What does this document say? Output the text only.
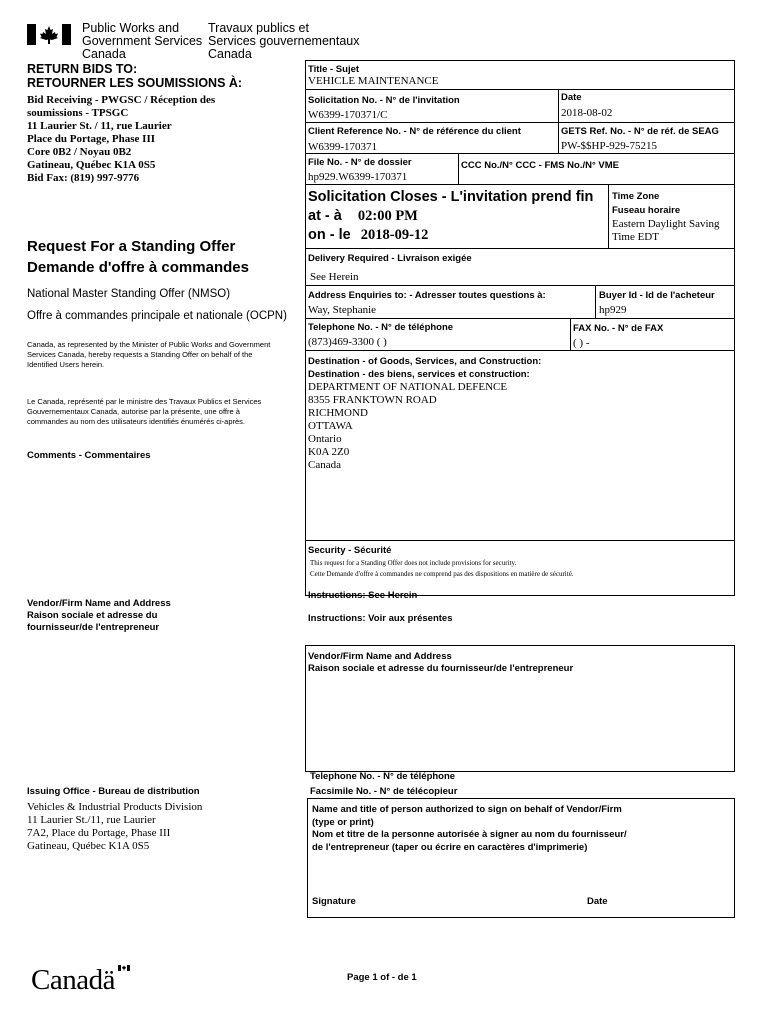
Public Works and
Government Services
Canada
Travaux publics et
Services gouvernementaux
Canada
RETURN BIDS TO:
RETOURNER LES SOUMISSIONS À:
Bid Receiving - PWGSC / Réception des
soumissions - TPSGC
11 Laurier St. / 11, rue Laurier
Place du Portage, Phase III
Core 0B2 / Noyau 0B2
Gatineau, Québec K1A 0S5
Bid Fax: (819) 997-9776
Request For a Standing Offer
Demande d'offre à commandes
National Master Standing Offer (NMSO)
Offre à commandes principale et nationale (OCPN)
Canada, as represented by the Minister of Public Works and Government Services Canada, hereby requests a Standing Offer on behalf of the Identified Users herein.
Le Canada, représenté par le ministre des Travaux Publics et Services Gouvernementaux Canada, autorise par la présente, une offre à commandes au nom des utilisateurs identifiés énumérés ci-après.
Comments - Commentaires
Vendor/Firm Name and Address
Raison sociale et adresse du
fournisseur/de l'entrepreneur
Issuing Office - Bureau de distribution
Vehicles & Industrial Products Division
11 Laurier St./11, rue Laurier
7A2, Place du Portage, Phase III
Gatineau, Québec K1A 0S5
Title - Sujet
VEHICLE MAINTENANCE
Solicitation No. - N° de l'invitation
W6399-170371/C
Date
2018-08-02
Client Reference No. - N° de référence du client
W6399-170371
GETS Ref. No. - N° de réf. de SEAG
PW-$$HP-929-75215
File No. - N° de dossier
hp929.W6399-170371
CCC No./N° CCC - FMS No./N° VME
Solicitation Closes - L'invitation prend fin
at - à 02:00 PM
on - le 2018-09-12
Time Zone
Fuseau horaire
Eastern Daylight Saving
Time EDT
Delivery Required - Livraison exigée
See Herein
Address Enquiries to: - Adresser toutes questions à:
Way, Stephanie
Buyer Id - Id de l'acheteur
hp929
Telephone No. - N° de téléphone
(873)469-3300 ( )
FAX No. - N° de FAX
( ) -
Destination - of Goods, Services, and Construction:
Destination - des biens, services et construction:
DEPARTMENT OF NATIONAL DEFENCE
8355 FRANKTOWN ROAD
RICHMOND
OTTAWA
Ontario
K0A 2Z0
Canada
Security - Sécurité
This request for a Standing Offer does not include provisions for security.
Cette Demande d'offre à commandes ne comprend pas des dispositions en matière de sécurité.
Instructions: See Herein
Instructions: Voir aux présentes
Vendor/Firm Name and Address
Raison sociale et adresse du fournisseur/de l'entrepreneur
Telephone No. - N° de téléphone
Facsimile No. - N° de télécopieur
Name and title of person authorized to sign on behalf of Vendor/Firm
(type or print)
Nom et titre de la personne autorisée à signer au nom du fournisseur/
de l'entrepreneur (taper ou écrire en caractères d'imprimerie)
Signature	Date
Canadä	Page 1 of - de 1
